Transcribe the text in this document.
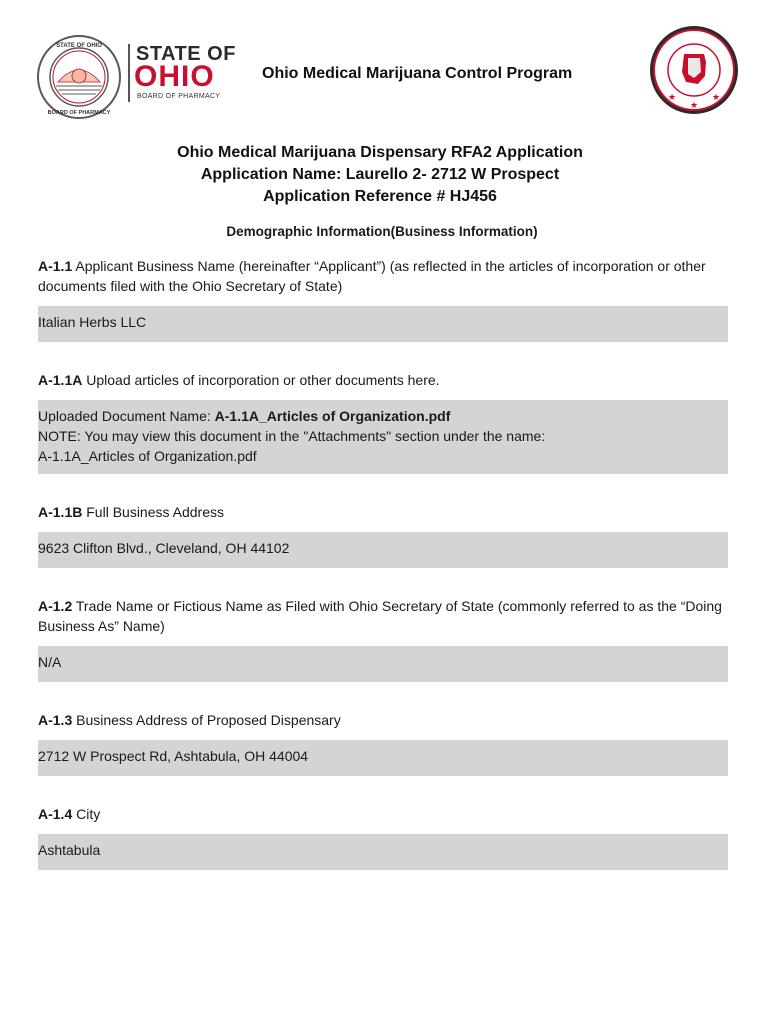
STATE OF OHIO
BOARD OF PHARMACY
STATE OF
OHIO
BOARD OF PHARMACY
Ohio Medical Marijuana Control Program
★
★
★
Ohio Medical Marijuana Dispensary RFA2 Application
Application Name: Laurello 2- 2712 W Prospect
Application Reference # HJ456
Demographic Information(Business Information)
A-1.1 Applicant Business Name (hereinafter “Applicant”) (as reflected in the articles of incorporation or other documents filed with the Ohio Secretary of State)
Italian Herbs LLC
A-1.1A Upload articles of incorporation or other documents here.
Uploaded Document Name: A-1.1A_Articles of Organization.pdf
NOTE: You may view this document in the "Attachments" section under the name:
A-1.1A_Articles of Organization.pdf
A-1.1B Full Business Address
9623 Clifton Blvd., Cleveland, OH 44102
A-1.2 Trade Name or Fictious Name as Filed with Ohio Secretary of State (commonly referred to as the “Doing Business As” Name)
N/A
A-1.3 Business Address of Proposed Dispensary
2712 W Prospect Rd, Ashtabula, OH 44004
A-1.4 City
Ashtabula
